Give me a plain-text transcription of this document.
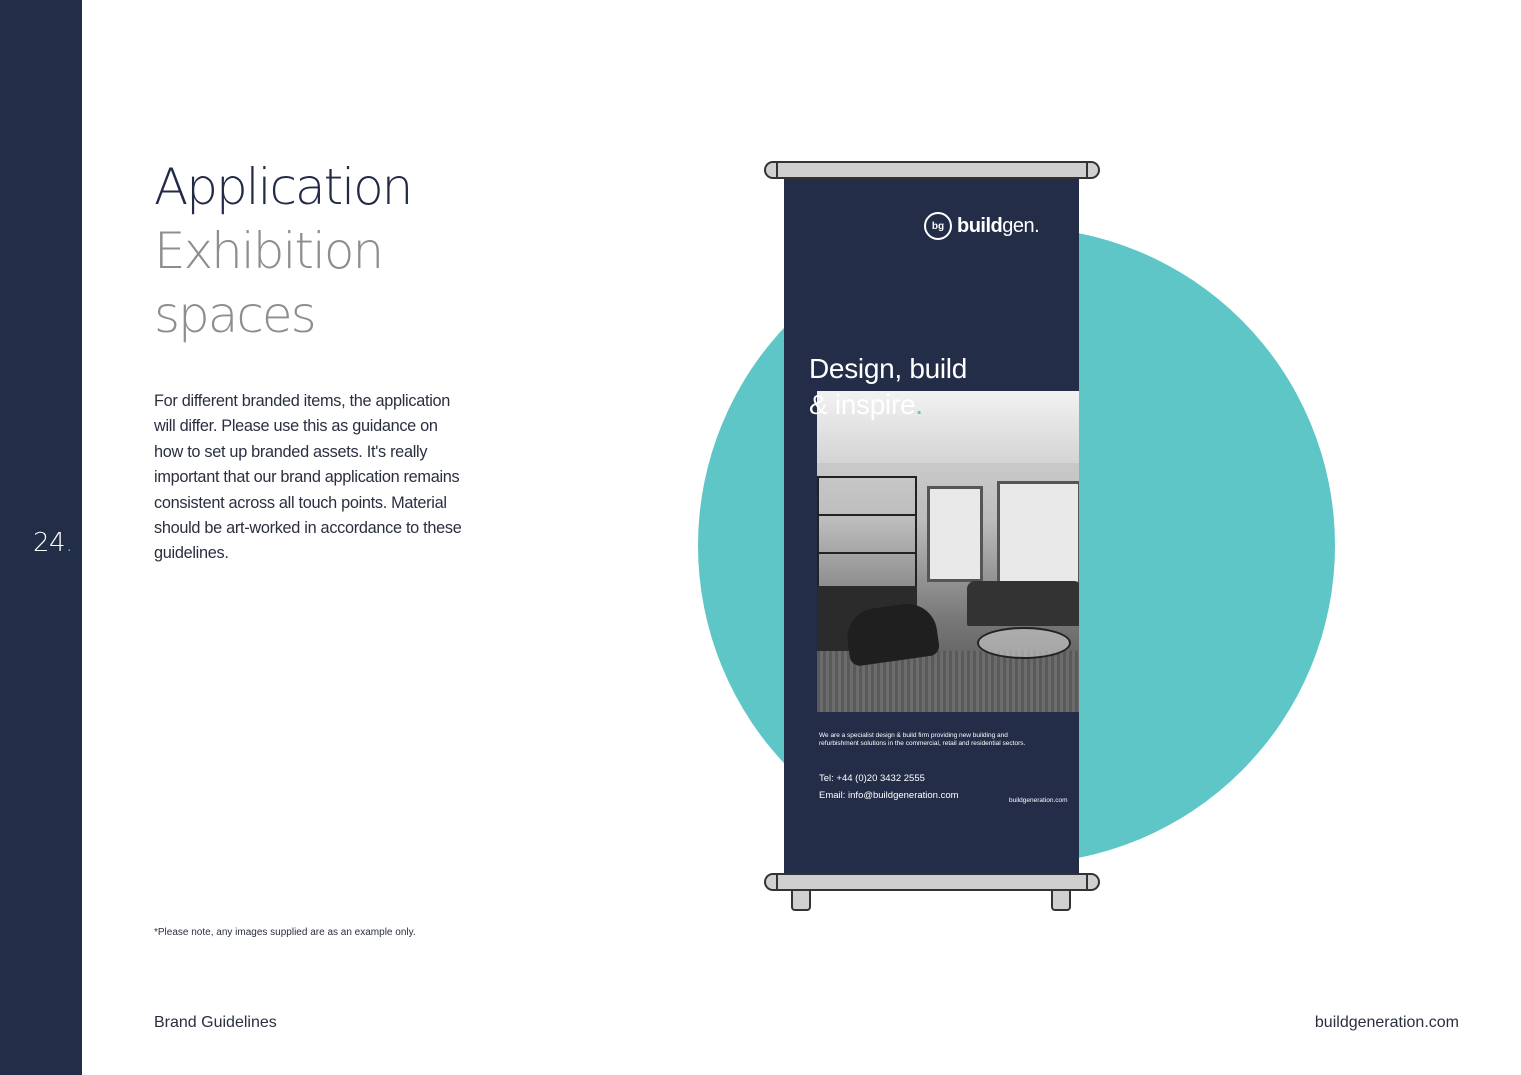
24.
Application
Exhibition
spaces
For different branded items, the application will differ. Please use this as guidance on how to set up branded assets. It's really important that our brand application remains consistent across all touch points. Material should be art-worked in accordance to these guidelines.
*Please note, any images supplied are as an example only.
Brand Guidelines	buildgeneration.com
bg buildgen.
Design, build
& inspire.
We are a specialist design & build firm providing new building and refurbishment solutions in the commercial, retail and residential sectors.
Tel: +44 (0)20 3432 2555
Email: info@buildgeneration.com	buildgeneration.com
